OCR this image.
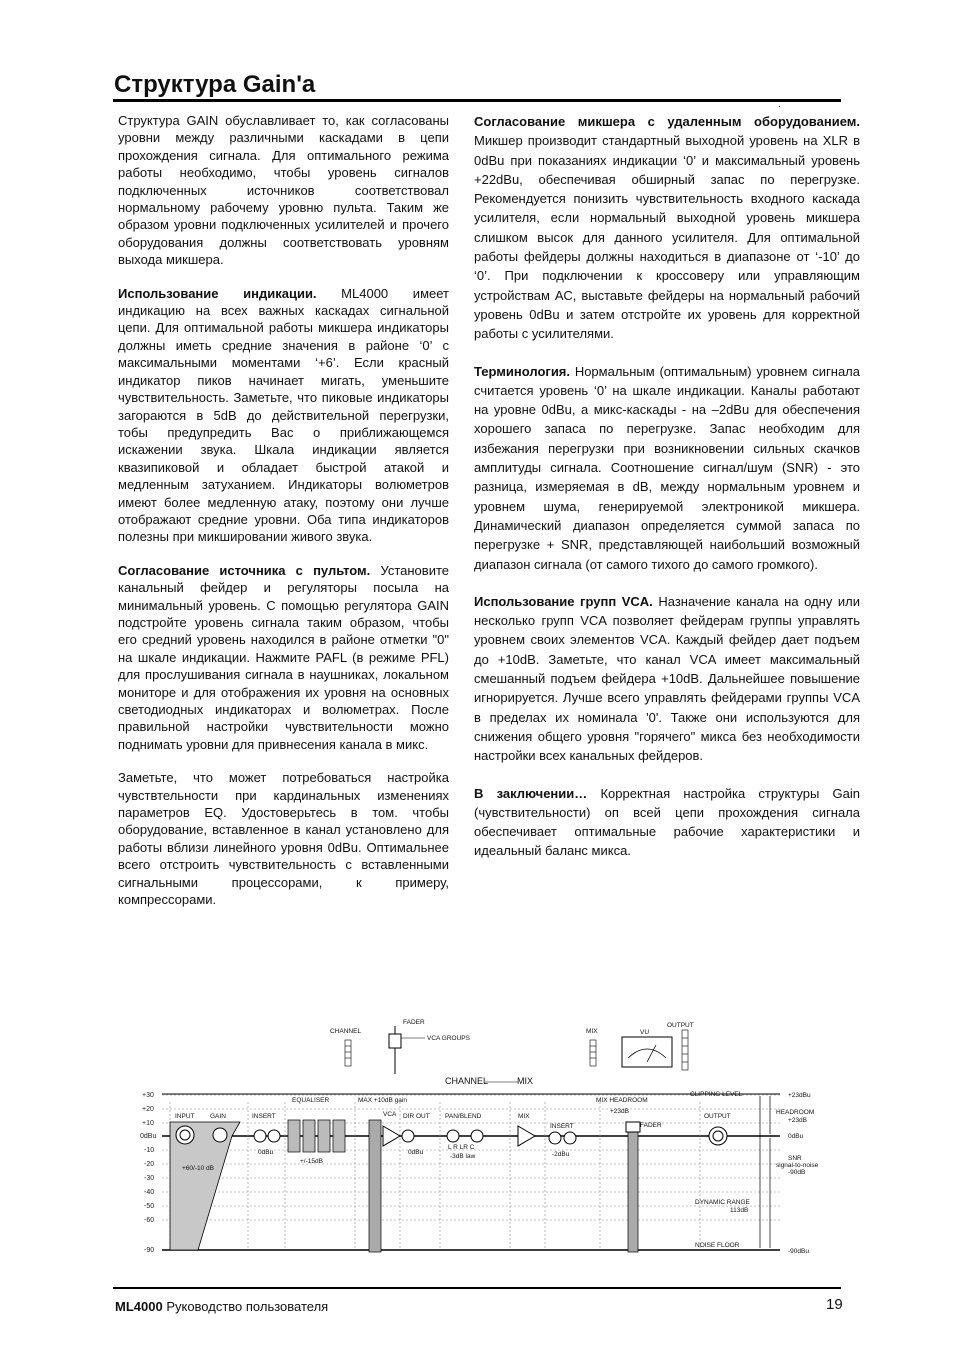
Структура Gain'a
.

Структура GAIN обуславливает то, как согласованы уровни между различными каскадами в цепи прохождения сигнала. Для оптимального режима работы необходимо, чтобы уровень сигналов подключенных источников соответствовал нормальному рабочему уровню пульта. Таким же образом уровни подключенных усилителей и прочего оборудования должны соответствовать уровням выхода микшера.

Использование индикации. ML4000 имеет индикацию на всех важных каскадах сигнальной цепи. Для оптимальной работы микшера индикаторы должны иметь средние значения в районе ‘0’ с максимальными моментами ‘+6’. Если красный индикатор пиков начинает мигать, уменьшите чувствительность. Заметьте, что пиковые индикаторы загораются в 5dB до действительной перегрузки, тобы предупредить Вас о приближающемся искажении звука. Шкала индикации является квазипиковой и обладает быстрой атакой и медленным затуханием. Индикаторы волюметров имеют более медленную атаку, поэтому они лучше отображают средние уровни. Оба типа индикаторов полезны при микшировании живого звука.

Согласование источника с пультом. Установите канальный фейдер и регуляторы посыла на минимальный уровень. С помощью регулятора GAIN подстройте уровень сигнала таким образом, чтобы его средний уровень находился в районе отметки "0" на шкале индикации. Нажмите PAFL (в режиме PFL) для прослушивания сигнала в наушниках, локальном мониторе и для отображения их уровня на основных светодиодных индикаторах и волюметрах. После правильной настройки чувствительности можно поднимать уровни для привнесения канала в микс.

Заметьте, что может потребоваться настройка чувствтельности при кардинальных изменениях параметров EQ. Удостоверьтесь в том. чтобы оборудование, вставленное в канал установлено для работы вблизи линейного уровня 0dBu. Оптимальнее всего отстроить чувствительность с вставленными сигнальными процессорами, к примеру, компрессорами.

Согласование микшера с удаленным оборудованием. Микшер производит стандартный выходной уровень на XLR в 0dBu при показаниях индикации ‘0’ и максимальный уровень +22dBu, обеспечивая обширный запас по перегрузке. Рекомендуется понизить чувствительность входного каскада усилителя, если нормальный выходной уровень микшера слишком высок для данного усилителя. Для оптимальной работы фейдеры должны находиться в диапазоне от ‘-10’ до ‘0’. При подключении к кроссоверу или управляющим устройствам АС, выставьте фейдеры на нормальный рабочий уровень 0dBu и затем отстройте их уровень для корректной работы с усилителями.

Терминология. Нормальным (оптимальным) уровнем сигнала считается уровень ‘0’ на шкале индикации. Каналы работают на уровне 0dBu, а микс-каскады - на –2dBu для обеспечения хорошего запаса по перегрузке. Запас необходим для избежания перегрузки при возникновении сильных скачков амплитуды сигнала. Соотношение сигнал/шум (SNR) - это разница, измеряемая в dB, между нормальным уровнем и уровнем шума, генерируемой электроникой микшера. Динамический диапазон определяется суммой запаса по перегрузке + SNR, представляющей наибольший возможный диапазон сигнала (от самого тихого до самого громкого).

Использование групп VCA. Назначение канала на одну или несколько групп VCA позволяет фейдерам группы управлять уровнем своих элементов VCA. Каждый фейдер дает подъем до +10dB. Заметьте, что канал VCA имеет максимальный смешанный подъем фейдера +10dB. Дальнейшее повышение игнорируется. Лучше всего управлять фейдерами группы VCA в пределах их номинала '0'. Также они используются для снижения общего уровня "горячего" микса без необходимости настройки всех канальных фейдеров.

В заключении… Корректная настройка структуры Gain (чувствительности) оп всей цепи прохождения сигнала обеспечивает оптимальные рабочие характеристики и идеальный баланс микса.

+30
+20
+10
0dBu
-10
-20
-30
-40
-50
-60
-90
CHANNEL
FADER
VCA GROUPS
MIX	VU
OUTPUT
CHANNEL	MIX
INPUT GAIN	INSERT
EQUALISER	MAX +10dB gain
VCA DIR OUT PAN/BLEND	MIX
INSERT
MIX HEADROOM
+23dB
FADER
OUTPUT
CLIPPING LEVEL
+60/-10 dB
0dBu
+/-15dB
0dBu
L R LR C
-3dB law	-2dBu
+23dBu
HEADROOM
+23dB
0dBu
SNR
signal-to-noise
-90dB
DYNAMIC RANGE
113dB
NOISE FLOOR
-90dBu
ML4000 Руководство пользователя	19
